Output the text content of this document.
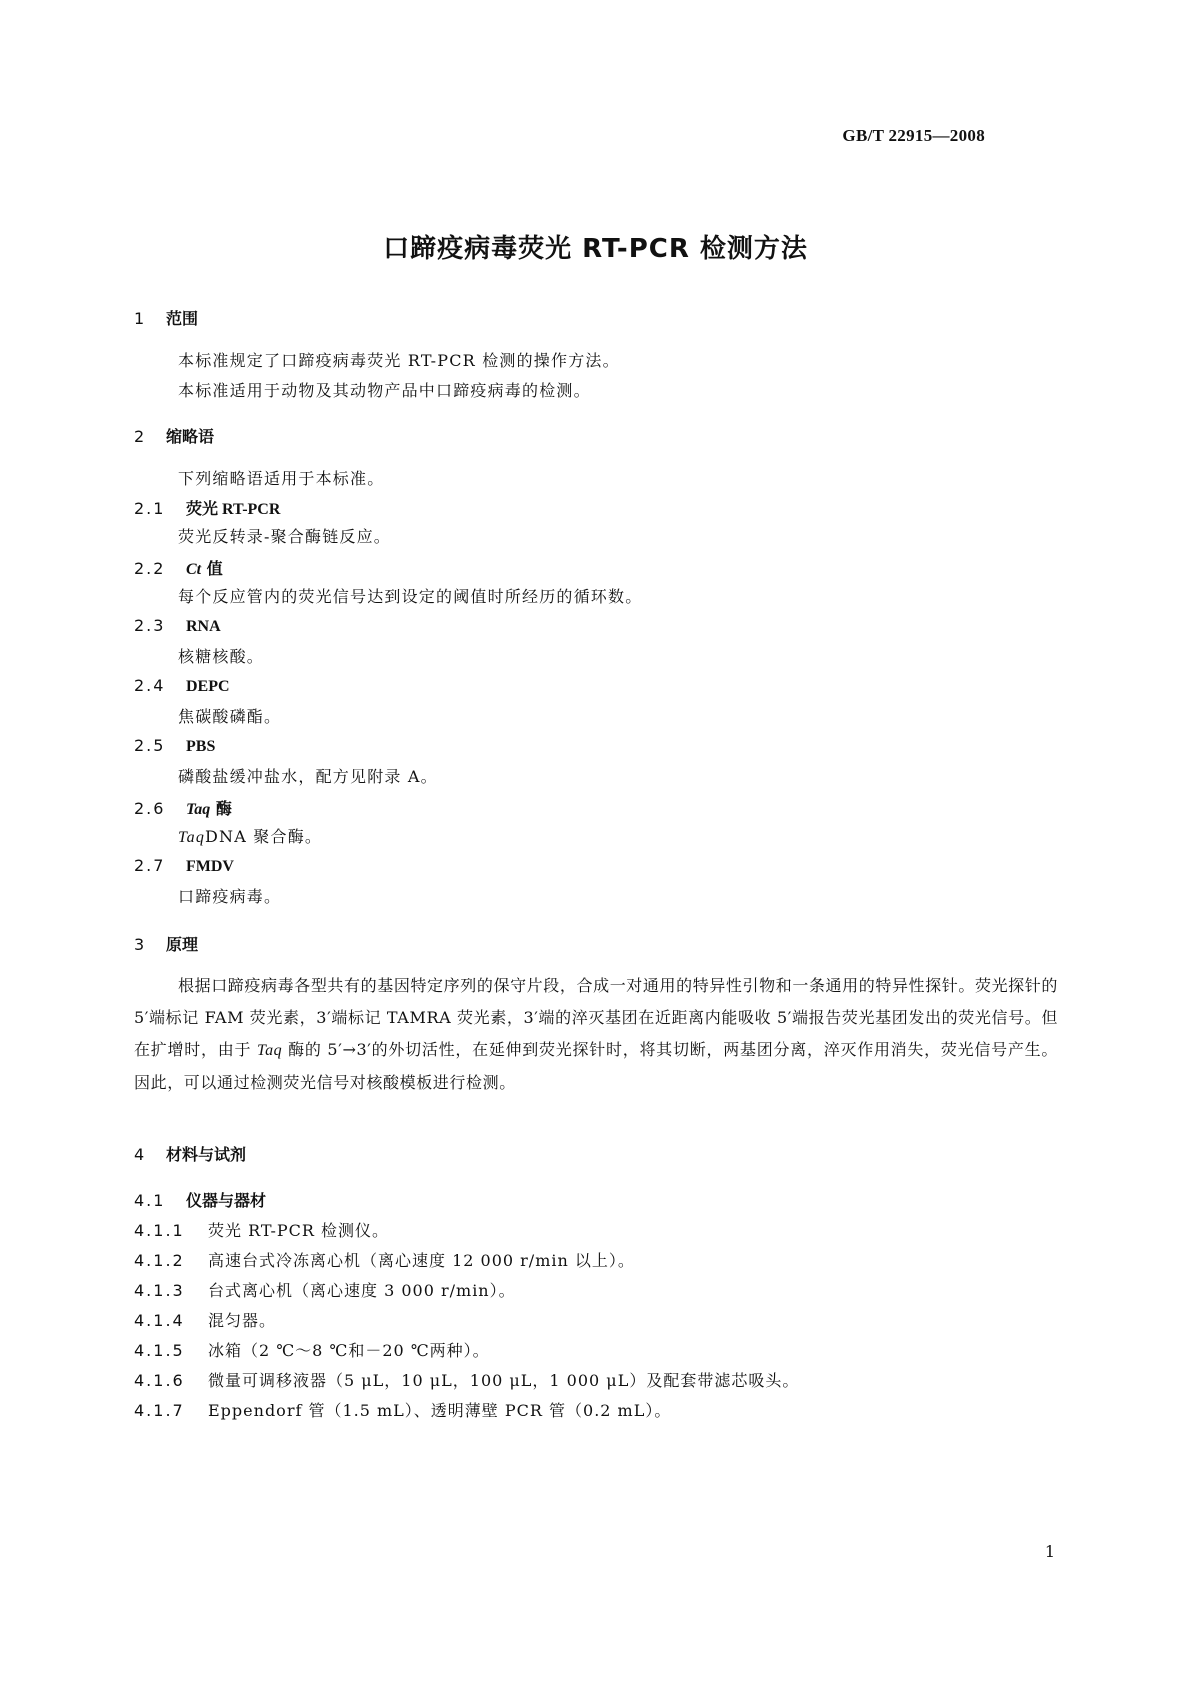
GB/T 22915—2008
口蹄疫病毒荧光 RT-PCR 检测方法
1 范围
本标准规定了口蹄疫病毒荧光 RT-PCR 检测的操作方法。
本标准适用于动物及其动物产品中口蹄疫病毒的检测。
2 缩略语
下列缩略语适用于本标准。
2.1 荧光 RT-PCR
荧光反转录-聚合酶链反应。
2.2 Ct 值
每个反应管内的荧光信号达到设定的阈值时所经历的循环数。
2.3 RNA
核糖核酸。
2.4 DEPC
焦碳酸磷酯。
2.5 PBS
磷酸盐缓冲盐水，配方见附录 A。
2.6 Taq 酶
TaqDNA 聚合酶。
2.7 FMDV
口蹄疫病毒。
3 原理
根据口蹄疫病毒各型共有的基因特定序列的保守片段，合成一对通用的特异性引物和一条通用的特异性探针。荧光探针的 5′端标记 FAM 荧光素，3′端标记 TAMRA 荧光素，3′端的淬灭基团在近距离内能吸收 5′端报告荧光基团发出的荧光信号。但在扩增时，由于 Taq 酶的 5′→3′的外切活性，在延伸到荧光探针时，将其切断，两基团分离，淬灭作用消失，荧光信号产生。因此，可以通过检测荧光信号对核酸模板进行检测。
4 材料与试剂
4.1 仪器与器材
4.1.1 荧光 RT-PCR 检测仪。
4.1.2 高速台式冷冻离心机（离心速度 12 000 r/min 以上）。
4.1.3 台式离心机（离心速度 3 000 r/min）。
4.1.4 混匀器。
4.1.5 冰箱（2 ℃～8 ℃和－20 ℃两种）。
4.1.6 微量可调移液器（5 μL，10 μL，100 μL，1 000 μL）及配套带滤芯吸头。
4.1.7 Eppendorf 管（1.5 mL）、透明薄壁 PCR 管（0.2 mL）。
1
